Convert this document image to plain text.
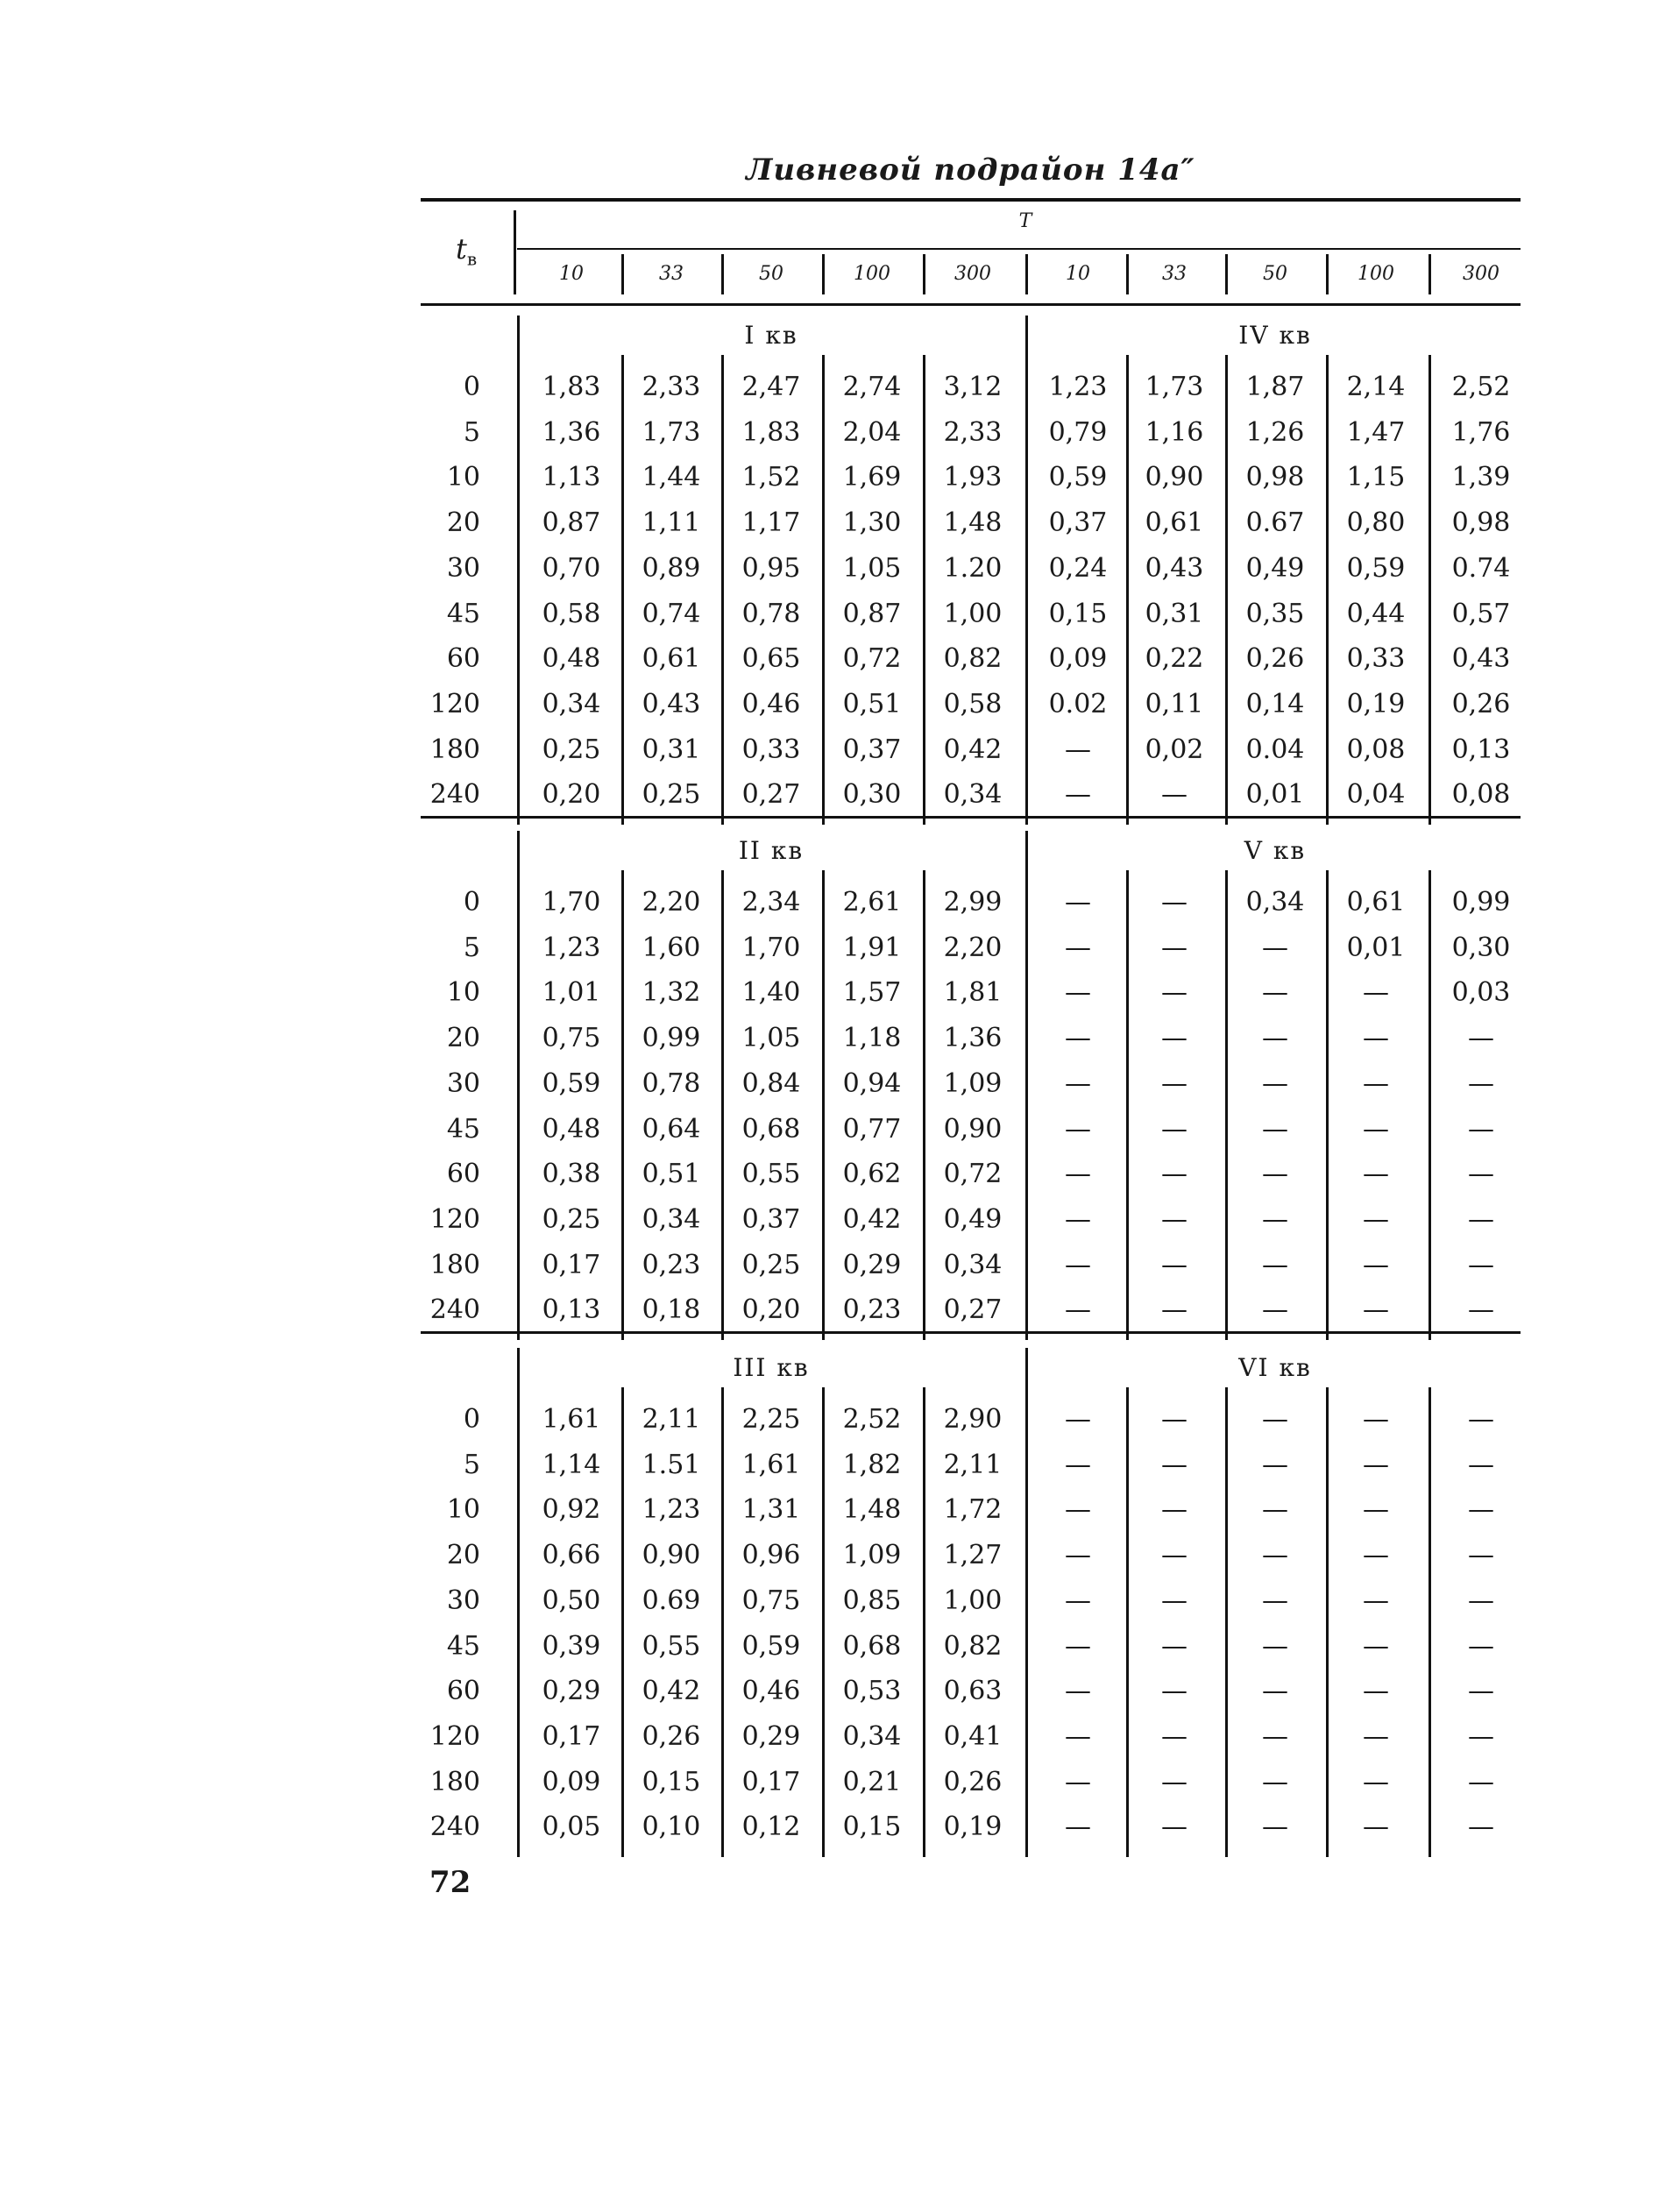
Ливневой подрайон 14а″
$t_в$
T
10	33	50	100	300	10	33	50	100	300
I кв	IV кв
0	1,83	2,33	2,47	2,74	3,12	1,23	1,73	1,87	2,14	2,52
5	1,36	1,73	1,83	2,04	2,33	0,79	1,16	1,26	1,47	1,76
10	1,13	1,44	1,52	1,69	1,93	0,59	0,90	0,98	1,15	1,39
20	0,87	1,11	1,17	1,30	1,48	0,37	0,61	0.67	0,80	0,98
30	0,70	0,89	0,95	1,05	1.20	0,24	0,43	0,49	0,59	0.74
45	0,58	0,74	0,78	0,87	1,00	0,15	0,31	0,35	0,44	0,57
60	0,48	0,61	0,65	0,72	0,82	0,09	0,22	0,26	0,33	0,43
120	0,34	0,43	0,46	0,51	0,58	0.02	0,11	0,14	0,19	0,26
180	0,25	0,31	0,33	0,37	0,42	—	0,02	0.04	0,08	0,13
240	0,20	0,25	0,27	0,30	0,34	—	—	0,01	0,04	0,08
II кв	V кв
0	1,70	2,20	2,34	2,61	2,99	—	—	0,34	0,61	0,99
5	1,23	1,60	1,70	1,91	2,20	—	—	—	0,01	0,30
10	1,01	1,32	1,40	1,57	1,81	—	—	—	—	0,03
20	0,75	0,99	1,05	1,18	1,36	—	—	—	—	—
30	0,59	0,78	0,84	0,94	1,09	—	—	—	—	—
45	0,48	0,64	0,68	0,77	0,90	—	—	—	—	—
60	0,38	0,51	0,55	0,62	0,72	—	—	—	—	—
120	0,25	0,34	0,37	0,42	0,49	—	—	—	—	—
180	0,17	0,23	0,25	0,29	0,34	—	—	—	—	—
240	0,13	0,18	0,20	0,23	0,27	—	—	—	—	—
III кв	VI кв
0	1,61	2,11	2,25	2,52	2,90	—	—	—	—	—
5	1,14	1.51	1,61	1,82	2,11	—	—	—	—	—
10	0,92	1,23	1,31	1,48	1,72	—	—	—	—	—
20	0,66	0,90	0,96	1,09	1,27	—	—	—	—	—
30	0,50	0.69	0,75	0,85	1,00	—	—	—	—	—
45	0,39	0,55	0,59	0,68	0,82	—	—	—	—	—
60	0,29	0,42	0,46	0,53	0,63	—	—	—	—	—
120	0,17	0,26	0,29	0,34	0,41	—	—	—	—	—
180	0,09	0,15	0,17	0,21	0,26	—	—	—	—	—
240	0,05	0,10	0,12	0,15	0,19	—	—	—	—	—
72
